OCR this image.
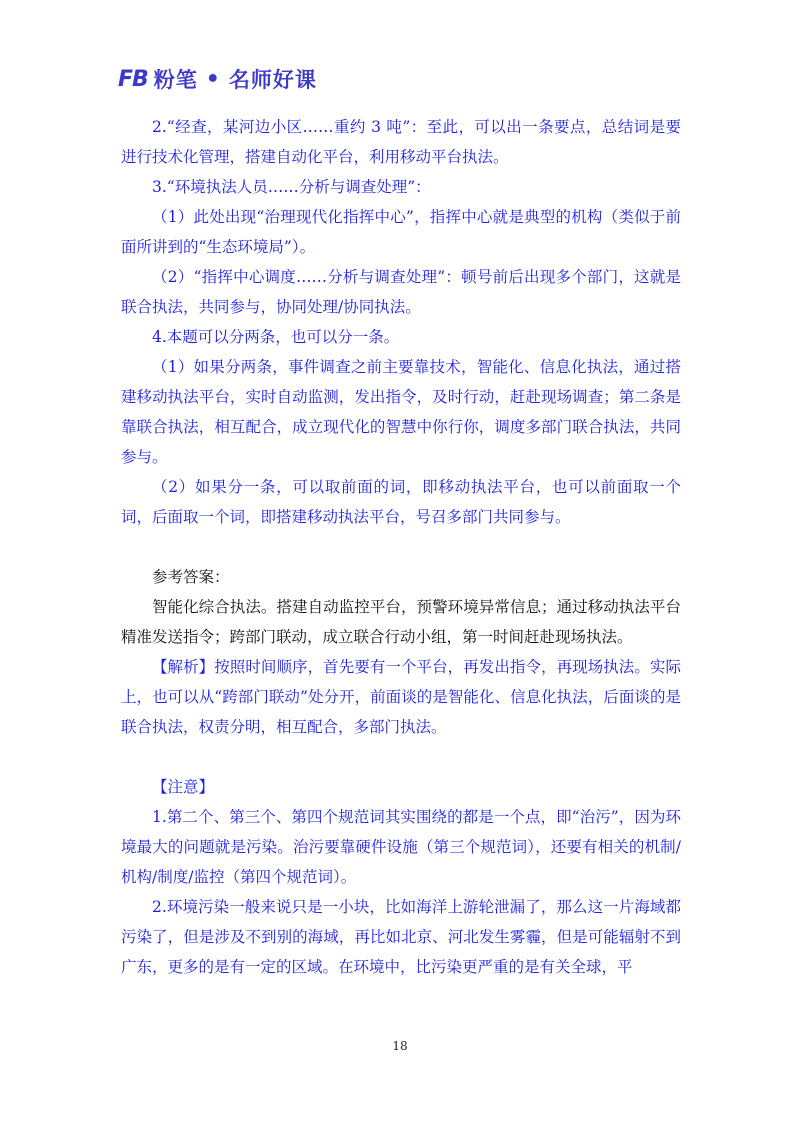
FB 粉笔 • 名师好课

2.“经查，某河边小区……重约 3 吨”：至此，可以出一条要点，总结词是要进行技术化管理，搭建自动化平台，利用移动平台执法。

3.“环境执法人员……分析与调查处理”：

（1）此处出现“治理现代化指挥中心”，指挥中心就是典型的机构（类似于前面所讲到的“生态环境局”）。

（2）“指挥中心调度……分析与调查处理”：顿号前后出现多个部门，这就是联合执法，共同参与，协同处理/协同执法。

4.本题可以分两条，也可以分一条。

（1）如果分两条，事件调查之前主要靠技术，智能化、信息化执法，通过搭建移动执法平台，实时自动监测，发出指令，及时行动，赶赴现场调查；第二条是靠联合执法，相互配合，成立现代化的智慧中你行你，调度多部门联合执法，共同参与。

（2）如果分一条，可以取前面的词，即移动执法平台，也可以前面取一个词，后面取一个词，即搭建移动执法平台，号召多部门共同参与。

参考答案：

智能化综合执法。搭建自动监控平台，预警环境异常信息；通过移动执法平台精准发送指令；跨部门联动，成立联合行动小组，第一时间赶赴现场执法。

【解析】按照时间顺序，首先要有一个平台，再发出指令，再现场执法。实际上，也可以从“跨部门联动”处分开，前面谈的是智能化、信息化执法，后面谈的是联合执法，权责分明，相互配合，多部门执法。

【注意】

1.第二个、第三个、第四个规范词其实围绕的都是一个点，即“治污”，因为环境最大的问题就是污染。治污要靠硬件设施（第三个规范词），还要有相关的机制/机构/制度/监控（第四个规范词）。

2.环境污染一般来说只是一小块，比如海洋上游轮泄漏了，那么这一片海域都污染了，但是涉及不到别的海域，再比如北京、河北发生雾霾，但是可能辐射不到广东，更多的是有一定的区域。在环境中，比污染更严重的是有关全球，平

18
